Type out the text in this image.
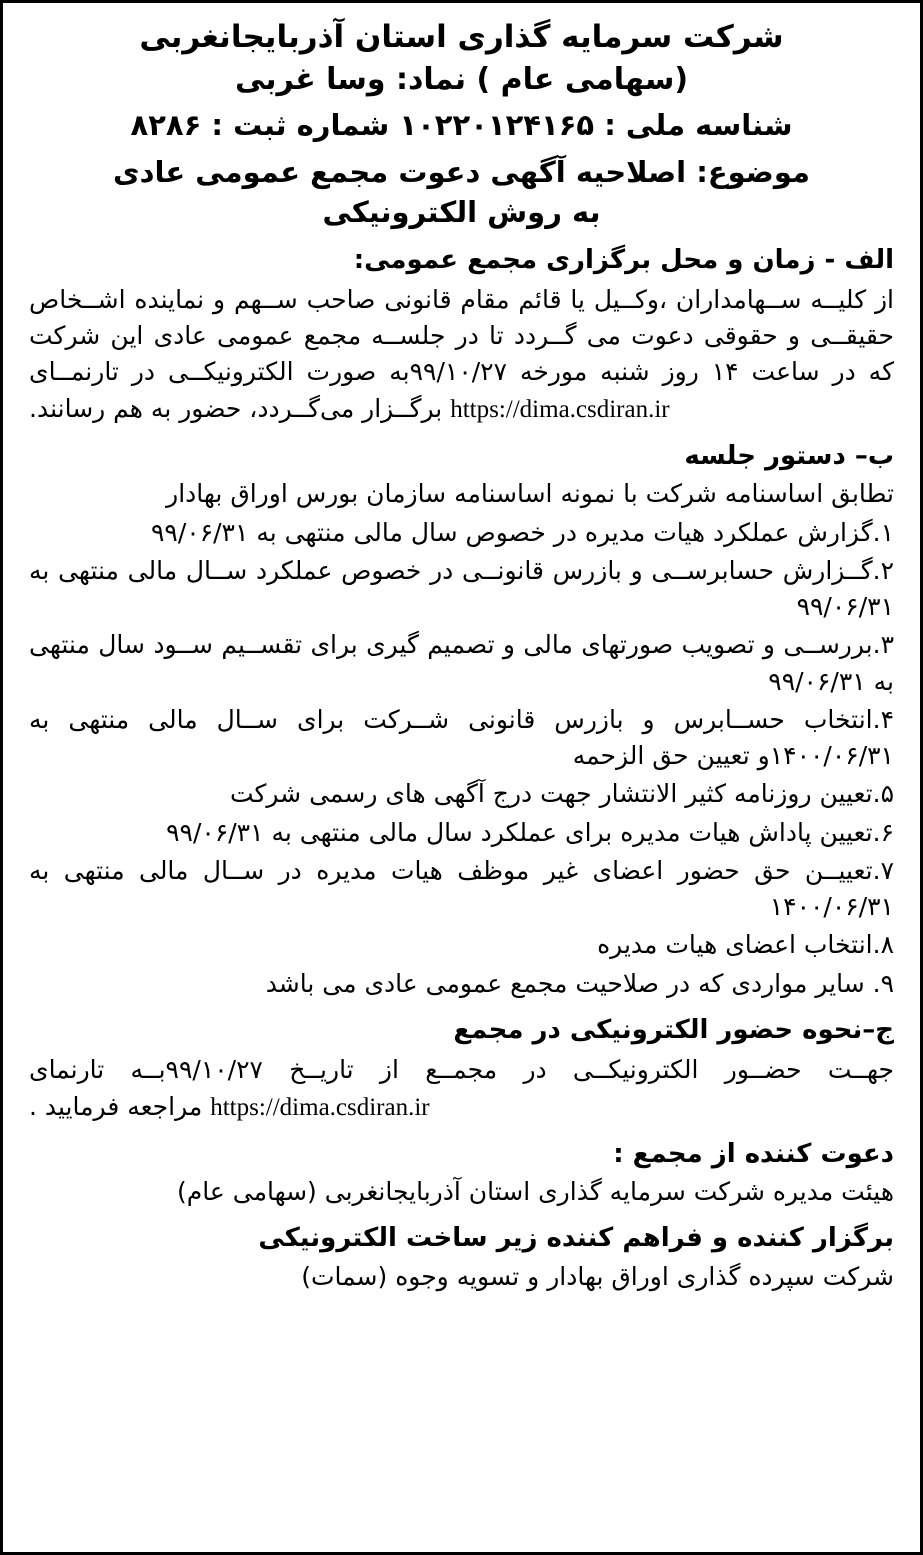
شرکت سرمایه گذاری استان آذربایجانغربی
(سهامی عام ) نماد: وسا غربی
شناسه ملی : ۱۰۲۲۰۱۲۴۱۶۵ شماره ثبت : ۸۲۸۶
موضوع: اصلاحیه آگهی دعوت مجمع عمومی عادی
به روش الکترونیکی
الف - زمان و محل برگزاری مجمع عمومی:
از کلیــه ســهامداران ،وکــیل یا قائم مقام قانونی صاحب ســهم و نماینده اشــخاص حقیقــی و حقوقی دعوت می گــردد تا در جلســه مجمع عمومی عادی این شرکت که در ساعت ۱۴ روز شنبه مورخه ۹۹/۱۰/۲۷به صورت الکترونیکــی در تارنمــای https://dima.csdiran.ir برگــزار می‌گــردد، حضور به هم رسانند.
ب– دستور جلسه
تطابق اساسنامه شرکت با نمونه اساسنامه سازمان بورس اوراق بهادار
۱.گزارش عملکرد هیات مدیره در خصوص سال مالی منتهی به ۹۹/۰۶/۳۱
۲.گــزارش حسابرســی و بازرس قانونــی در خصوص عملکرد ســال مالی منتهی به ۹۹/۰۶/۳۱
۳.بررســی و تصویب صورتهای مالی و تصمیم گیری برای تقســیم ســود سال منتهی به ۹۹/۰۶/۳۱
۴.انتخاب حســابرس و بازرس قانونی شــرکت برای ســال مالی منتهی به ۱۴۰۰/۰۶/۳۱و تعیین حق الزحمه
۵.تعیین روزنامه کثیر الانتشار جهت درج آگهی های رسمی شرکت
۶.تعیین پاداش هیات مدیره برای عملکرد سال مالی منتهی به ۹۹/۰۶/۳۱
۷.تعییــن حق حضور اعضای غیر موظف هیات مدیره در ســال مالی منتهی به ۱۴۰۰/۰۶/۳۱
۸.انتخاب اعضای هیات مدیره
۹. سایر مواردی که در صلاحیت مجمع عمومی عادی می باشد
ج–نحوه حضور الکترونیکی در مجمع
جهــت حضــور الکترونیکــی در مجمــع از تاریــخ ۹۹/۱۰/۲۷بــه تارنمای https://dima.csdiran.ir مراجعه فرمایید .
دعوت کننده از مجمع :
هیئت مدیره شرکت سرمایه گذاری استان آذربایجانغربی (سهامی عام)
برگزار کننده و فراهم کننده زیر ساخت الکترونیکی
شرکت سپرده گذاری اوراق بهادار و تسویه وجوه (سمات)
